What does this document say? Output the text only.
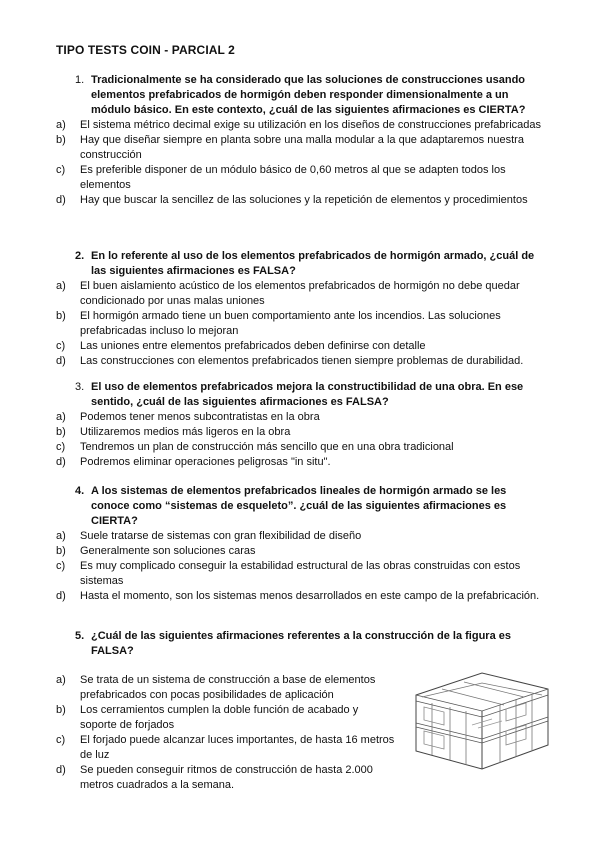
TIPO TESTS COIN - PARCIAL 2
1. Tradicionalmente se ha considerado que las soluciones de construcciones usando elementos prefabricados de hormigón deben responder dimensionalmente a un módulo básico. En este contexto, ¿cuál de las siguientes afirmaciones es CIERTA?
a) El sistema métrico decimal exige su utilización en los diseños de construcciones prefabricadas
b) Hay que diseñar siempre en planta sobre una malla modular a la que adaptaremos nuestra construcción
c) Es preferible disponer de un módulo básico de 0,60 metros al que se adapten todos los elementos
d) Hay que buscar la sencillez de las soluciones y la repetición de elementos y procedimientos
2. En lo referente al uso de los elementos prefabricados de hormigón armado, ¿cuál de las siguientes afirmaciones es FALSA?
a) El buen aislamiento acústico de los elementos prefabricados de hormigón no debe quedar condicionado por unas malas uniones
b) El hormigón armado tiene un buen comportamiento ante los incendios. Las soluciones prefabricadas incluso lo mejoran
c) Las uniones entre elementos prefabricados deben definirse con detalle
d) Las construcciones con elementos prefabricados tienen siempre problemas de durabilidad.
3. El uso de elementos prefabricados mejora la constructibilidad de una obra. En ese sentido, ¿cuál de las siguientes afirmaciones es FALSA?
a) Podemos tener menos subcontratistas en la obra
b) Utilizaremos medios más ligeros en la obra
c) Tendremos un plan de construcción más sencillo que en una obra tradicional
d) Podremos eliminar operaciones peligrosas "in situ".
4. A los sistemas de elementos prefabricados lineales de hormigón armado se les conoce como “sistemas de esqueleto”. ¿cuál de las siguientes afirmaciones es CIERTA?
a) Suele tratarse de sistemas con gran flexibilidad de diseño
b) Generalmente son soluciones caras
c) Es muy complicado conseguir la estabilidad estructural de las obras construidas con estos sistemas
d) Hasta el momento, son los sistemas menos desarrollados en este campo de la prefabricación.
5. ¿Cuál de las siguientes afirmaciones referentes a la construcción de la figura es FALSA?
a) Se trata de un sistema de construcción a base de elementos prefabricados con pocas posibilidades de aplicación
b) Los cerramientos cumplen la doble función de acabado y soporte de forjados
c) El forjado puede alcanzar luces importantes, de hasta 16 metros de luz
d) Se pueden conseguir ritmos de construcción de hasta 2.000 metros cuadrados a la semana.
